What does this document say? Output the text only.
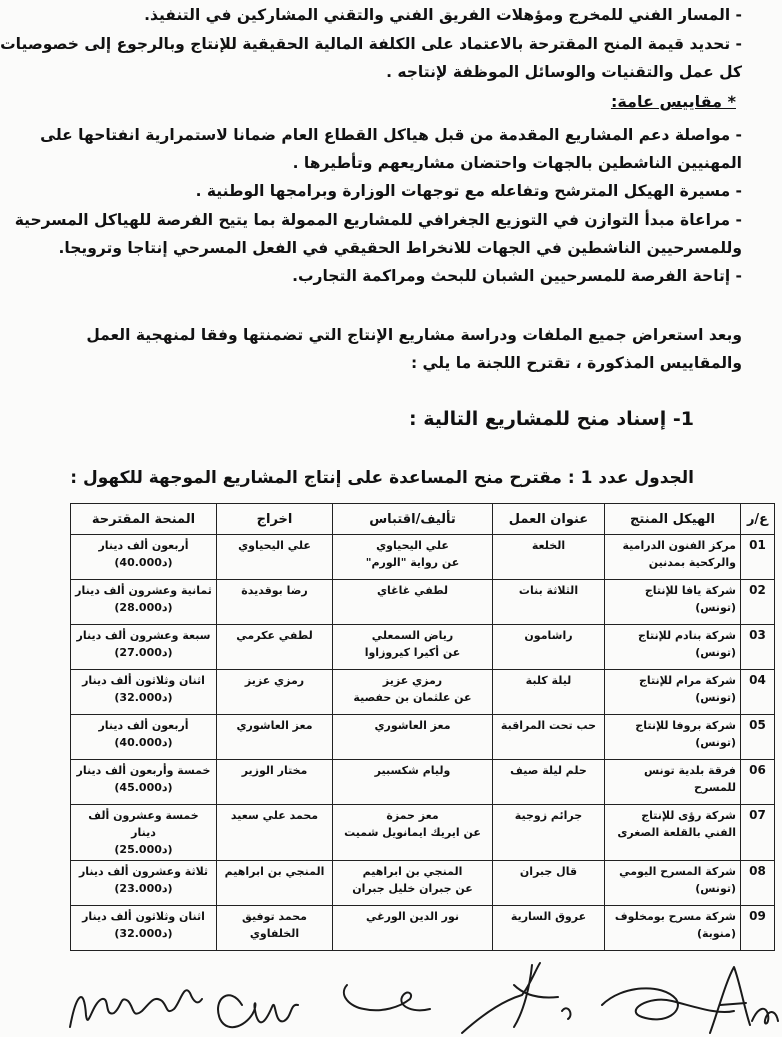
- المسار الفني للمخرج ومؤهلات الفريق الفني والتقني المشاركين في التنفيذ.
- تحديد قيمة المنح المقترحة بالاعتماد على الكلفة المالية الحقيقية للإنتاج وبالرجوع إلى خصوصيات
كل عمل والتقنيات والوسائل الموظفة لإنتاجه .
* مقاييس عامة:
- مواصلة دعم المشاريع المقدمة من قبل هياكل القطاع العام ضمانا لاستمرارية انفتاحها على
المهنيين الناشطين بالجهات واحتضان مشاريعهم وتأطيرها .
- مسيرة الهيكل المترشح وتفاعله مع توجهات الوزارة وبرامجها الوطنية .
- مراعاة مبدأ التوازن في التوزيع الجغرافي للمشاريع الممولة بما يتيح الفرصة للهياكل المسرحية
وللمسرحيين الناشطين في الجهات للانخراط الحقيقي في الفعل المسرحي إنتاجا وترويجا.
- إتاحة الفرصة للمسرحيين الشبان للبحث ومراكمة التجارب.
وبعد استعراض جميع الملفات ودراسة مشاريع الإنتاج التي تضمنتها وفقا لمنهجية العمل
والمقاييس المذكورة ، تقترح اللجنة ما يلي :
1- إسناد منح للمشاريع التالية :
الجدول عدد 1 : مقترح منح المساعدة على إنتاج المشاريع الموجهة للكهول :
ع/ر	الهيكل المنتج	عنوان العمل	تأليف/اقتباس	اخراج	المنحة المقترحة
01	مركز الفنون الدرامية والركحية بمدنين	الخلعة	علي اليحياوي
عن رواية "الورم"	علي اليحياوي	أربعون ألف دينار
(40.000د)

02	شركة يافا للإنتاج (تونس)	الثلاثة بنات	لطفي غاغاي	رضا بوقديدة	ثمانية وعشرون ألف دينار
(28.000د)

03	شركة بنادم للإنتاج (تونس)	راشامون	رياض السمعلي
عن أكيرا كيروزاوا	لطفي عكرمي	سبعة وعشرون ألف دينار
(27.000د)

04	شركة مرام للإنتاج (تونس)	ليلة كلبة	رمزي عزيز
عن علثمان بن حفصية	رمزي عزيز	اثنان وثلاثون ألف دينار
(32.000د)

05	شركة بروفا للإنتاج (تونس)	حب تحت المراقبة	معز العاشوري	معز العاشوري	أربعون ألف دينار
(40.000د)

06	فرقة بلدية تونس للمسرح	حلم ليلة صيف	وليام شكسبير	مختار الوزير	خمسة وأربعون ألف دينار
(45.000د)

07	شركة رؤى للإنتاج الفني بالقلعة الصغرى	جرائم زوجية	معز حمزة
عن ايريك ايمانويل شميت	محمد علي سعيد	خمسة وعشرون ألف دينار
(25.000د)

08	شركة المسرح اليومي (تونس)	قال جبران	المنجي بن ابراهيم
عن جبران خليل جبران	المنجي بن ابراهيم	ثلاثة وعشرون ألف دينار
(23.000د)

09	شركة مسرح بومخلوف (منوبة)	عروق السارية	نور الدين الورغي	محمد توفيق الخلفاوي	اثنان وثلاثون ألف دينار
(32.000د)
